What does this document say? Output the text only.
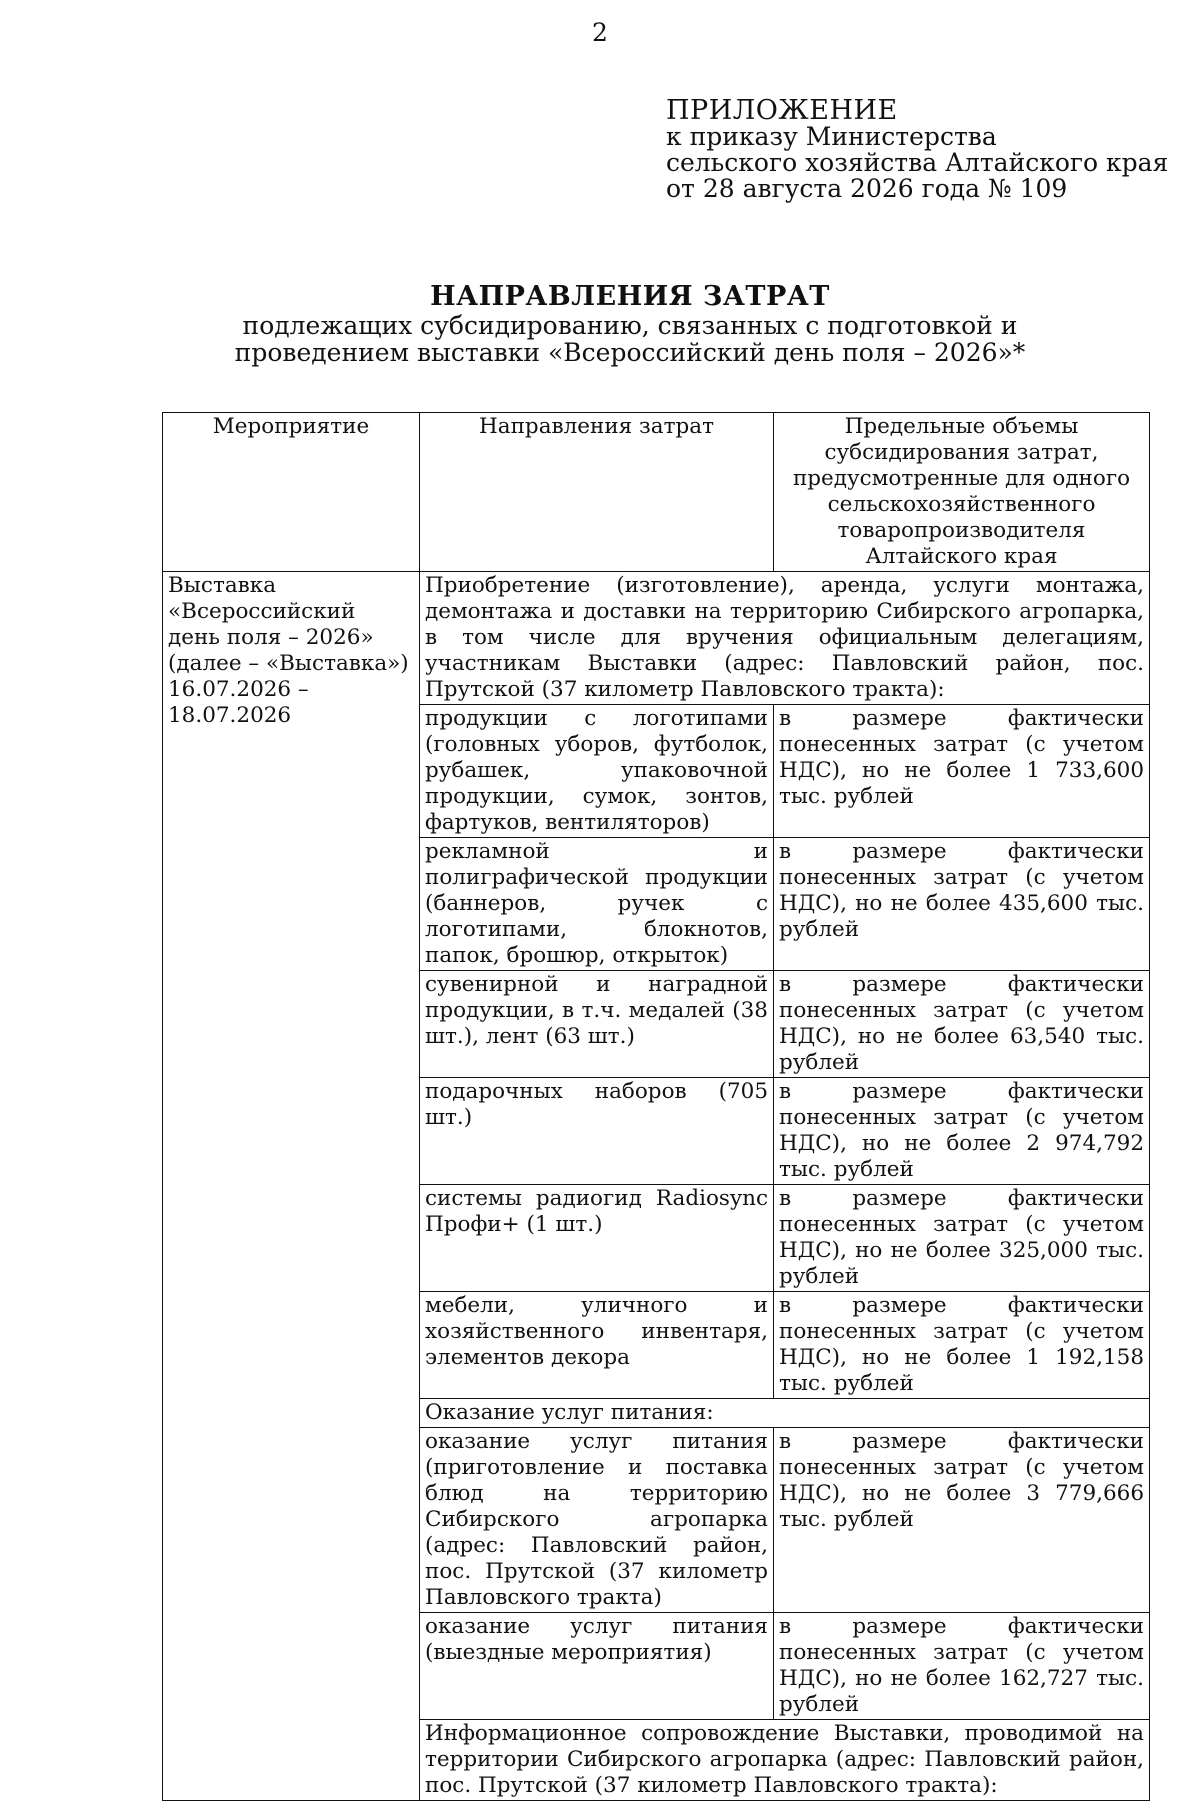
2
ПРИЛОЖЕНИЕ
к приказу Министерства
сельского хозяйства Алтайского края
от 28 августа 2026 года № 109
НАПРАВЛЕНИЯ ЗАТРАТ
подлежащих субсидированию, связанных с подготовкой и проведением выставки «Всероссийский день поля – 2026»*
Мероприятие	Направления затрат	Предельные объемы субсидирования затрат, предусмотренные для одного сельскохозяйственного товаропроизводителя Алтайского края
Выставка «Всероссийский день поля – 2026» (далее – «Выставка») 16.07.2026 – 18.07.2026	Приобретение (изготовление), аренда, услуги монтажа, демонтажа и доставки на территорию Сибирского агропарка, в том числе для вручения официальным делегациям, участникам Выставки (адрес: Павловский район, пос. Прутской (37 километр Павловского тракта):	
	продукции с логотипами (головных уборов, футболок, рубашек, упаковочной продукции, сумок, зонтов, фартуков, вентиляторов)	в размере фактически понесенных затрат (с учетом НДС), но не более 1 733,600 тыс. рублей
	рекламной и полиграфической продукции (баннеров, ручек с логотипами, блокнотов, папок, брошюр, открыток)	в размере фактически понесенных затрат (с учетом НДС), но не более 435,600 тыс. рублей
	сувенирной и наградной продукции, в т.ч. медалей (38 шт.), лент (63 шт.)	в размере фактически понесенных затрат (с учетом НДС), но не более 63,540 тыс. рублей
	подарочных наборов (705 шт.)	в размере фактически понесенных затрат (с учетом НДС), но не более 2 974,792 тыс. рублей
	системы радиогид Radiosync Профи+ (1 шт.)	в размере фактически понесенных затрат (с учетом НДС), но не более 325,000 тыс. рублей
	мебели, уличного и хозяйственного инвентаря, элементов декора	в размере фактически понесенных затрат (с учетом НДС), но не более 1 192,158 тыс. рублей
	Оказание услуг питания:	
	оказание услуг питания (приготовление и поставка блюд на территорию Сибирского агропарка (адрес: Павловский район, пос. Прутской (37 километр Павловского тракта)	в размере фактически понесенных затрат (с учетом НДС), но не более 3 779,666 тыс. рублей
	оказание услуг питания (выездные мероприятия)	в размере фактически понесенных затрат (с учетом НДС), но не более 162,727 тыс. рублей
	Информационное сопровождение Выставки, проводимой на территории Сибирского агропарка (адрес: Павловский район, пос. Прутской (37 километр Павловского тракта):	
